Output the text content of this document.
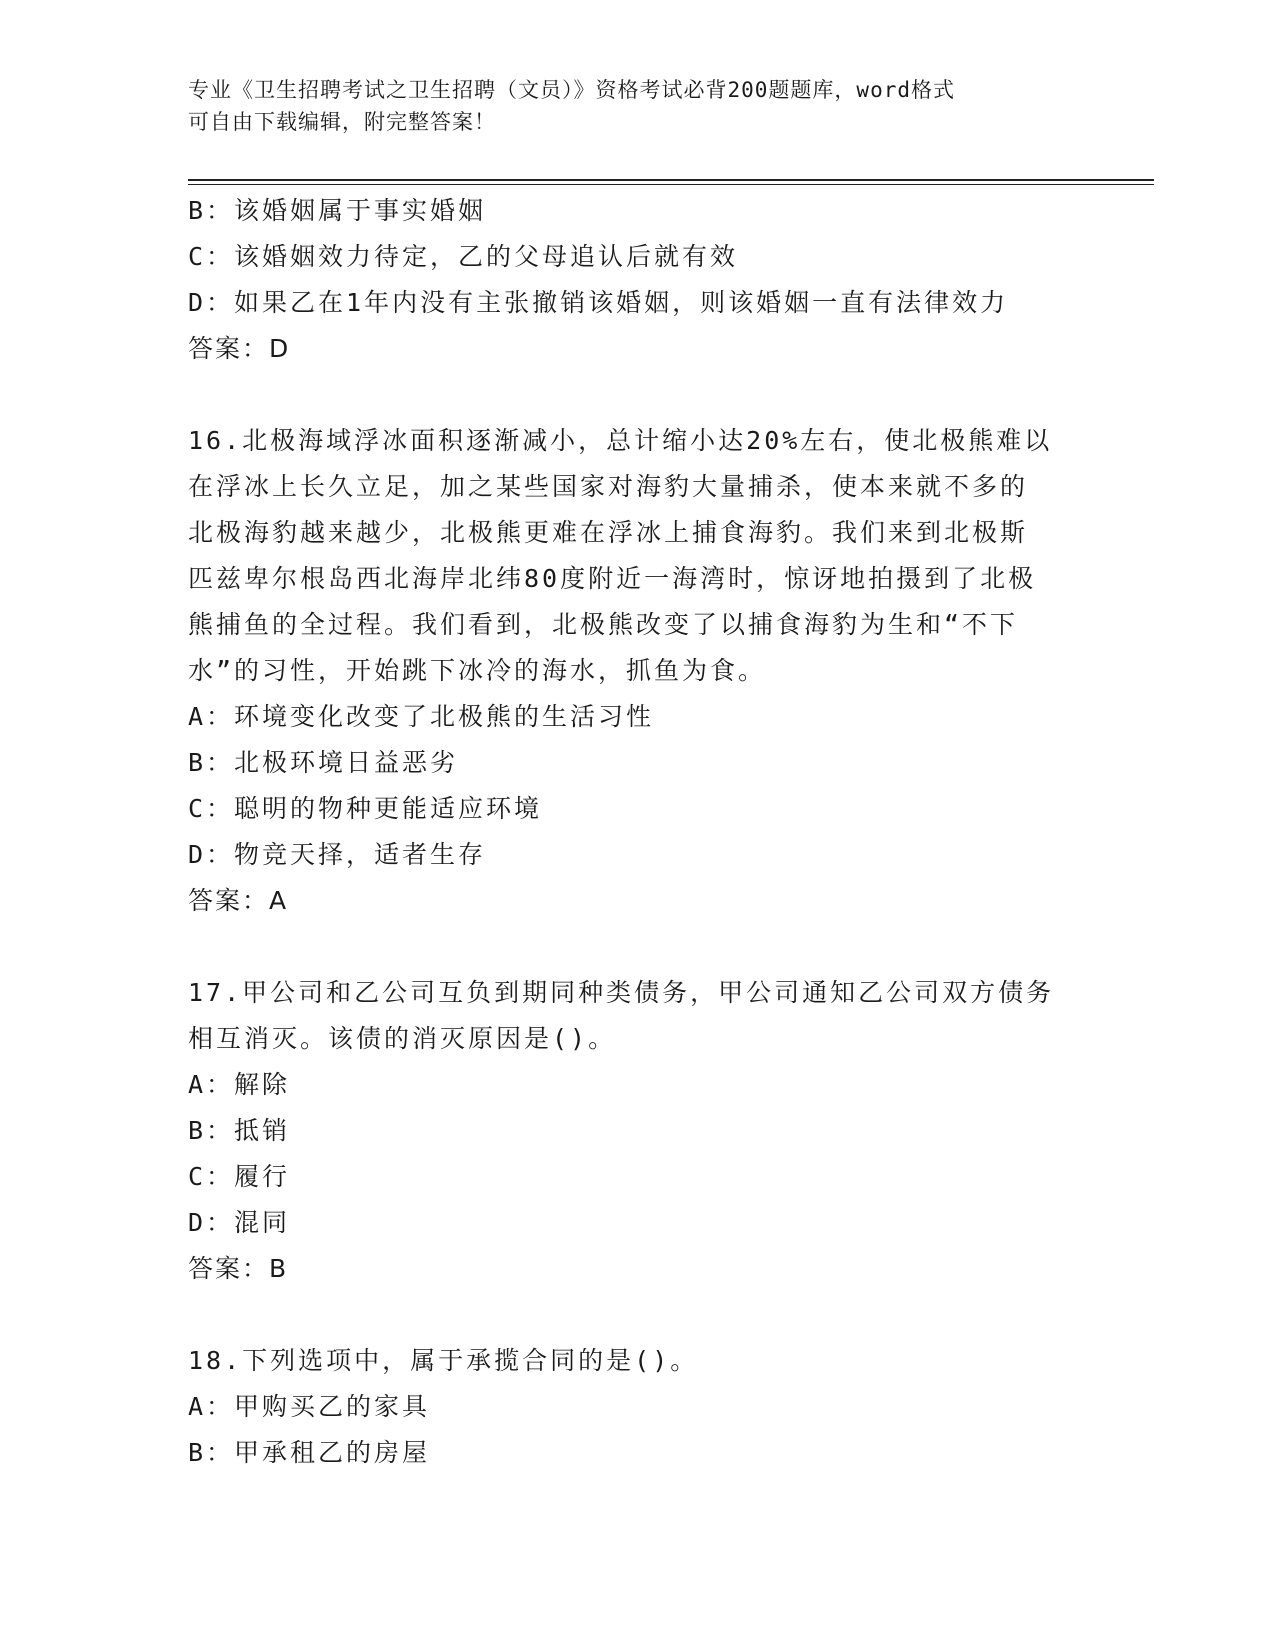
专业《卫生招聘考试之卫生招聘（文员）》资格考试必背200题题库，word格式
可自由下载编辑，附完整答案！
B：该婚姻属于事实婚姻
C：该婚姻效力待定，乙的父母追认后就有效
D：如果乙在1年内没有主张撤销该婚姻，则该婚姻一直有法律效力
答案：D
16.北极海域浮冰面积逐渐减小，总计缩小达20%左右，使北极熊难以
在浮冰上长久立足，加之某些国家对海豹大量捕杀，使本来就不多的
北极海豹越来越少，北极熊更难在浮冰上捕食海豹。我们来到北极斯
匹兹卑尔根岛西北海岸北纬80度附近一海湾时，惊讶地拍摄到了北极
熊捕鱼的全过程。我们看到，北极熊改变了以捕食海豹为生和“不下
水”的习性，开始跳下冰冷的海水，抓鱼为食。
A：环境变化改变了北极熊的生活习性
B：北极环境日益恶劣
C：聪明的物种更能适应环境
D：物竞天择，适者生存
答案：A
17.甲公司和乙公司互负到期同种类债务，甲公司通知乙公司双方债务
相互消灭。该债的消灭原因是()。
A：解除
B：抵销
C：履行
D：混同
答案：B
18.下列选项中，属于承揽合同的是()。
A：甲购买乙的家具
B：甲承租乙的房屋
